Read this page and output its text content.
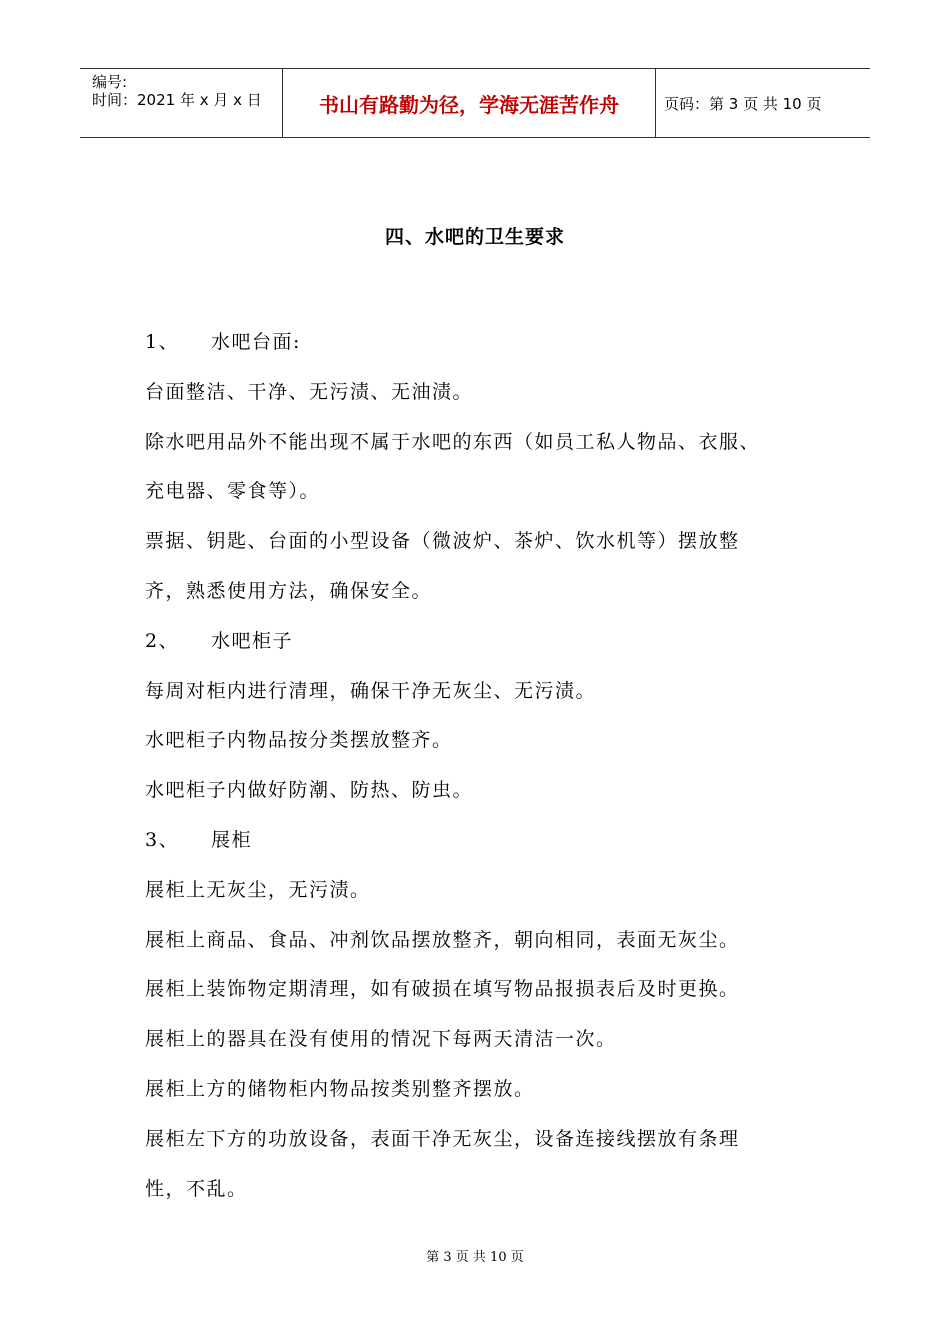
编号:
时间：2021 年 x 月 x 日	书山有路勤为径，学海无涯苦作舟	页码：第 3 页 共 10 页
四、水吧的卫生要求
1、 水吧台面:
台面整洁、干净、无污渍、无油渍。
除水吧用品外不能出现不属于水吧的东西（如员工私人物品、衣服、
充电器、零食等）。
票据、钥匙、台面的小型设备（微波炉、茶炉、饮水机等）摆放整
齐，熟悉使用方法，确保安全。
2、 水吧柜子
每周对柜内进行清理，确保干净无灰尘、无污渍。
水吧柜子内物品按分类摆放整齐。
水吧柜子内做好防潮、防热、防虫。
3、 展柜
展柜上无灰尘，无污渍。
展柜上商品、食品、冲剂饮品摆放整齐，朝向相同，表面无灰尘。
展柜上装饰物定期清理，如有破损在填写物品报损表后及时更换。
展柜上的器具在没有使用的情况下每两天清洁一次。
展柜上方的储物柜内物品按类别整齐摆放。
展柜左下方的功放设备，表面干净无灰尘，设备连接线摆放有条理
性，不乱。
第 3 页 共 10 页
